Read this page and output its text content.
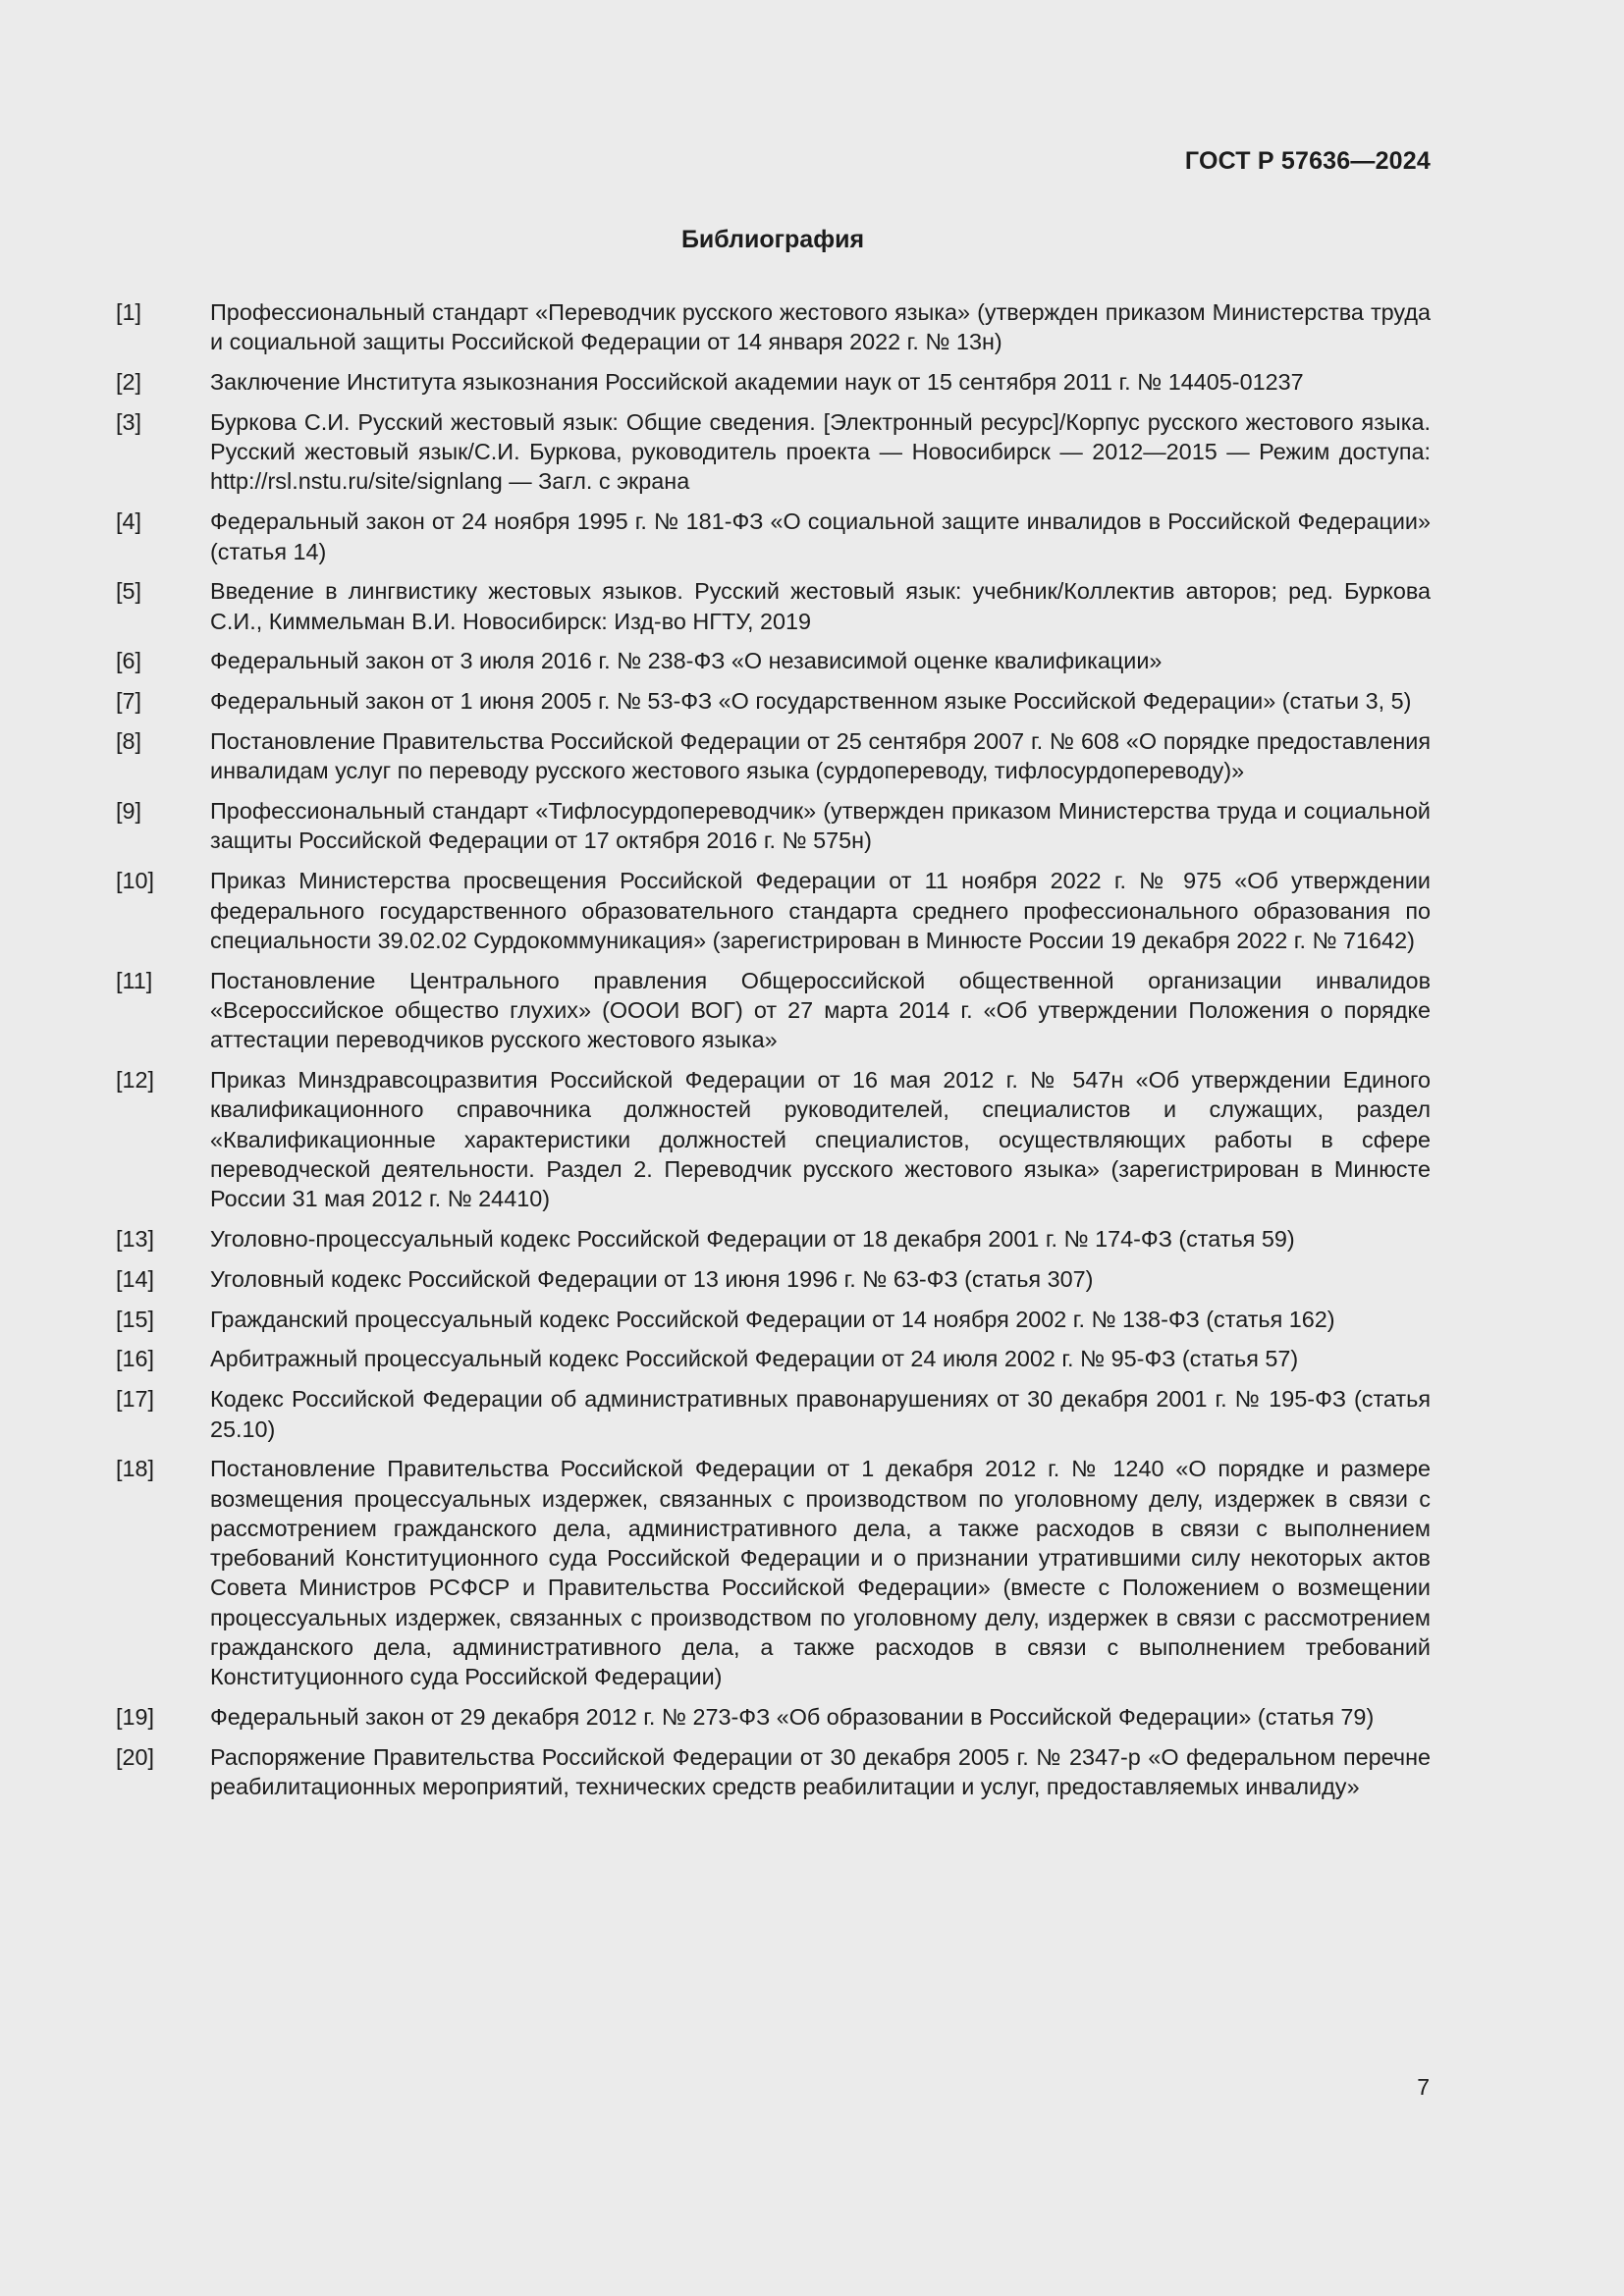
ГОСТ Р 57636—2024
Библиография
[1]	Профессиональный стандарт «Переводчик русского жестового языка» (утвержден приказом Министерства труда и социальной защиты Российской Федерации от 14 января 2022 г. № 13н)
[2]	Заключение Института языкознания Российской академии наук от 15 сентября 2011 г. № 14405-01237
[3]	Буркова С.И. Русский жестовый язык: Общие сведения. [Электронный ресурс]/Корпус русского жестового языка. Русский жестовый язык/С.И. Буркова, руководитель проекта — Новосибирск — 2012—2015 — Режим доступа: http://rsl.nstu.ru/site/signlang — Загл. с экрана
[4]	Федеральный закон от 24 ноября 1995 г. № 181-ФЗ «О социальной защите инвалидов в Российской Федерации» (статья 14)
[5]	Введение в лингвистику жестовых языков. Русский жестовый язык: учебник/Коллектив авторов; ред. Буркова С.И., Киммельман В.И. Новосибирск: Изд-во НГТУ, 2019
[6]	Федеральный закон от 3 июля 2016 г. № 238-ФЗ «О независимой оценке квалификации»
[7]	Федеральный закон от 1 июня 2005 г. № 53-ФЗ «О государственном языке Российской Федерации» (статьи 3, 5)
[8]	Постановление Правительства Российской Федерации от 25 сентября 2007 г. № 608 «О порядке предоставления инвалидам услуг по переводу русского жестового языка (сурдопереводу, тифлосурдопереводу)»
[9]	Профессиональный стандарт «Тифлосурдопереводчик» (утвержден приказом Министерства труда и социальной защиты Российской Федерации от 17 октября 2016 г. № 575н)
[10]	Приказ Министерства просвещения Российской Федерации от 11 ноября 2022 г. № 975 «Об утверждении федерального государственного образовательного стандарта среднего профессионального образования по специальности 39.02.02 Сурдокоммуникация» (зарегистрирован в Минюсте России 19 декабря 2022 г. № 71642)
[11]	Постановление Центрального правления Общероссийской общественной организации инвалидов «Всероссийское общество глухих» (ОООИ ВОГ) от 27 марта 2014 г. «Об утверждении Положения о порядке аттестации переводчиков русского жестового языка»
[12]	Приказ Минздравсоцразвития Российской Федерации от 16 мая 2012 г. № 547н «Об утверждении Единого квалификационного справочника должностей руководителей, специалистов и служащих, раздел «Квалификационные характеристики должностей специалистов, осуществляющих работы в сфере переводческой деятельности. Раздел 2. Переводчик русского жестового языка» (зарегистрирован в Минюсте России 31 мая 2012 г. № 24410)
[13]	Уголовно-процессуальный кодекс Российской Федерации от 18 декабря 2001 г. № 174-ФЗ (статья 59)
[14]	Уголовный кодекс Российской Федерации от 13 июня 1996 г. № 63-ФЗ (статья 307)
[15]	Гражданский процессуальный кодекс Российской Федерации от 14 ноября 2002 г. № 138-ФЗ (статья 162)
[16]	Арбитражный процессуальный кодекс Российской Федерации от 24 июля 2002 г. № 95-ФЗ (статья 57)
[17]	Кодекс Российской Федерации об административных правонарушениях от 30 декабря 2001 г. № 195-ФЗ (статья 25.10)
[18]	Постановление Правительства Российской Федерации от 1 декабря 2012 г. № 1240 «О порядке и размере возмещения процессуальных издержек, связанных с производством по уголовному делу, издержек в связи с рассмотрением гражданского дела, административного дела, а также расходов в связи с выполнением требований Конституционного суда Российской Федерации и о признании утратившими силу некоторых актов Совета Министров РСФСР и Правительства Российской Федерации» (вместе с Положением о возмещении процессуальных издержек, связанных с производством по уголовному делу, издержек в связи с рассмотрением гражданского дела, административного дела, а также расходов в связи с выполнением требований Конституционного суда Российской Федерации)
[19]	Федеральный закон от 29 декабря 2012 г. № 273-ФЗ «Об образовании в Российской Федерации» (статья 79)
[20]	Распоряжение Правительства Российской Федерации от 30 декабря 2005 г. № 2347-р «О федеральном перечне реабилитационных мероприятий, технических средств реабилитации и услуг, предоставляемых инвалиду»
7
